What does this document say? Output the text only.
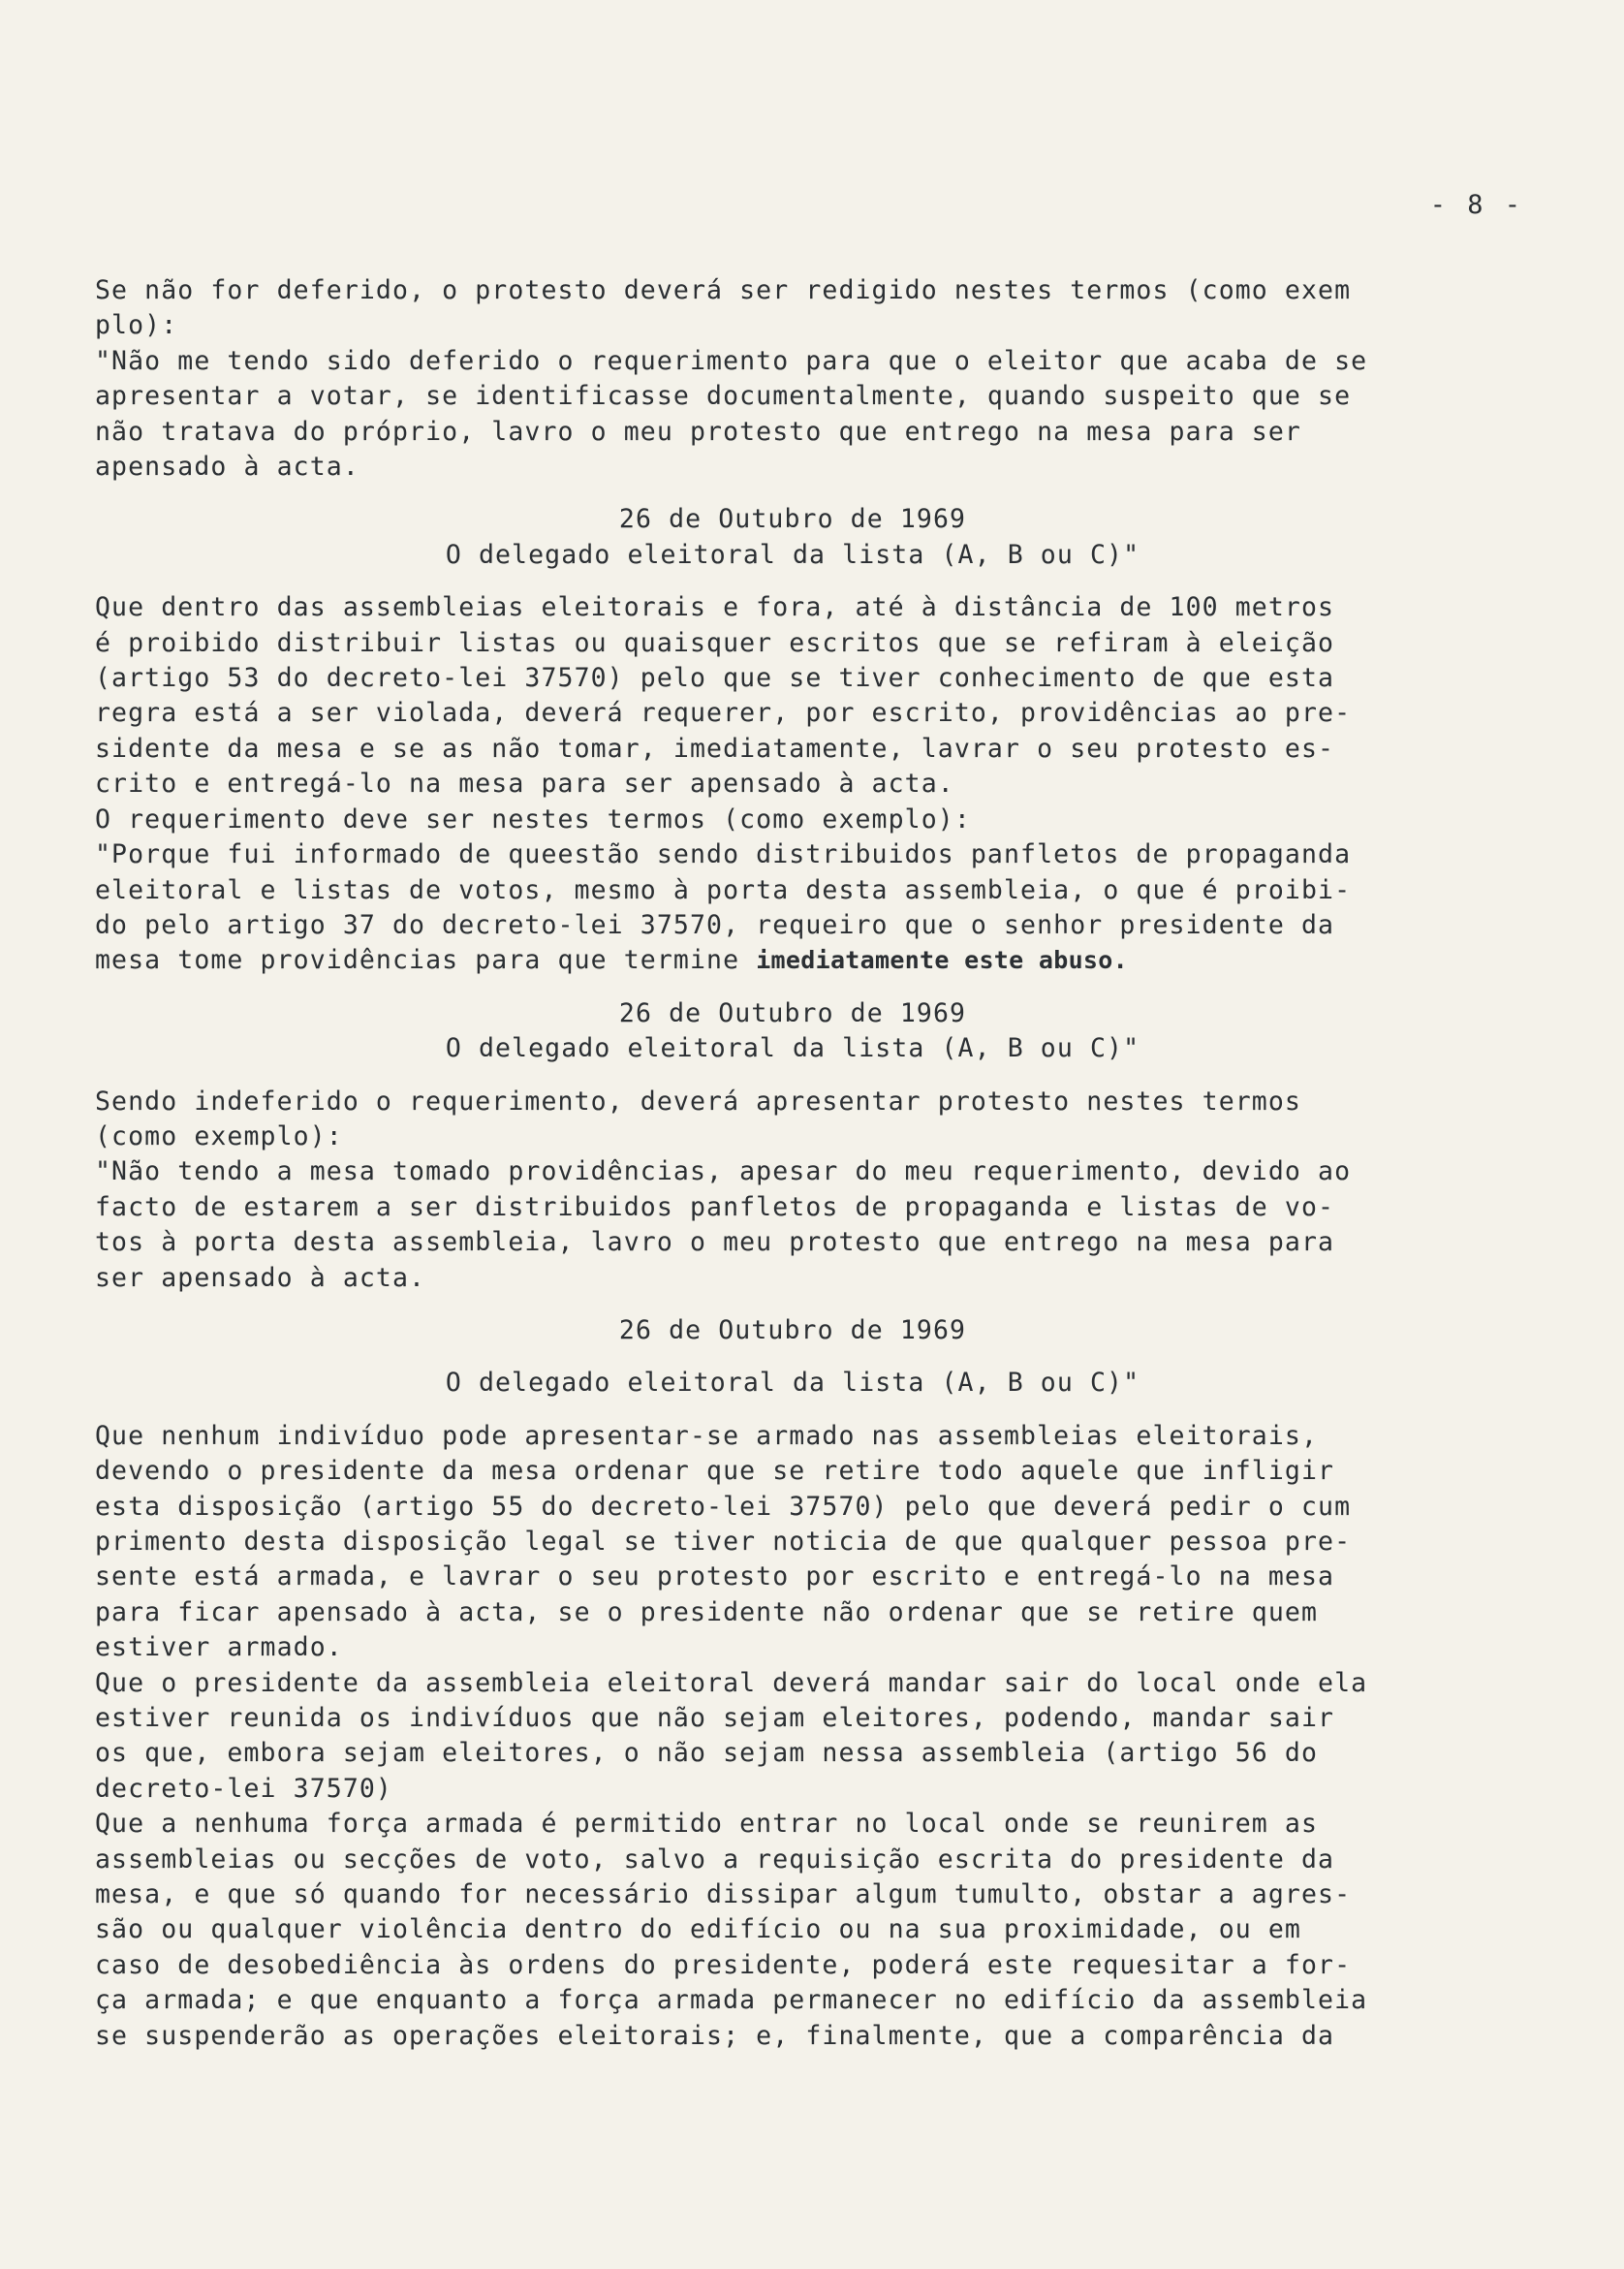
- 8 -
Se não for deferido, o protesto deverá ser redigido nestes termos (como exem
plo):
"Não me tendo sido deferido o requerimento para que o eleitor que acaba de se
apresentar a votar, se identificasse documentalmente, quando suspeito que se
não tratava do próprio, lavro o meu protesto que entrego na mesa para ser
apensado à acta.
26 de Outubro de 1969
O delegado eleitoral da lista (A, B ou C)"
Que dentro das assembleias eleitorais e fora, até à distância de 100 metros
é proibido distribuir listas ou quaisquer escritos que se refiram à eleição
(artigo 53 do decreto-lei 37570) pelo que se tiver conhecimento de que esta
regra está a ser violada, deverá requerer, por escrito, providências ao pre-
sidente da mesa e se as não tomar, imediatamente, lavrar o seu protesto es-
crito e entregá-lo na mesa para ser apensado à acta.
O requerimento deve ser nestes termos (como exemplo):
"Porque fui informado de queestão sendo distribuidos panfletos de propaganda
eleitoral e listas de votos, mesmo à porta desta assembleia, o que é proibi-
do pelo artigo 37 do decreto-lei 37570, requeiro que o senhor presidente da
mesa tome providências para que termine imediatamente este abuso.
26 de Outubro de 1969
O delegado eleitoral da lista (A, B ou C)"
Sendo indeferido o requerimento, deverá apresentar protesto nestes termos
(como exemplo):
"Não tendo a mesa tomado providências, apesar do meu requerimento, devido ao
facto de estarem a ser distribuidos panfletos de propaganda e listas de vo-
tos à porta desta assembleia, lavro o meu protesto que entrego na mesa para
ser apensado à acta.
26 de Outubro de 1969
O delegado eleitoral da lista (A, B ou C)"
Que nenhum indivíduo pode apresentar-se armado nas assembleias eleitorais,
devendo o presidente da mesa ordenar que se retire todo aquele que infligir
esta disposição (artigo 55 do decreto-lei 37570) pelo que deverá pedir o cum
primento desta disposição legal se tiver noticia de que qualquer pessoa pre-
sente está armada, e lavrar o seu protesto por escrito e entregá-lo na mesa
para ficar apensado à acta, se o presidente não ordenar que se retire quem
estiver armado.
Que o presidente da assembleia eleitoral deverá mandar sair do local onde ela
estiver reunida os indivíduos que não sejam eleitores, podendo, mandar sair
os que, embora sejam eleitores, o não sejam nessa assembleia (artigo 56 do
decreto-lei 37570)
Que a nenhuma força armada é permitido entrar no local onde se reunirem as
assembleias ou secções de voto, salvo a requisição escrita do presidente da
mesa, e que só quando for necessário dissipar algum tumulto, obstar a agres-
são ou qualquer violência dentro do edifício ou na sua proximidade, ou em
caso de desobediência às ordens do presidente, poderá este requesitar a for-
ça armada; e que enquanto a força armada permanecer no edifício da assembleia
se suspenderão as operações eleitorais; e, finalmente, que a comparência da
